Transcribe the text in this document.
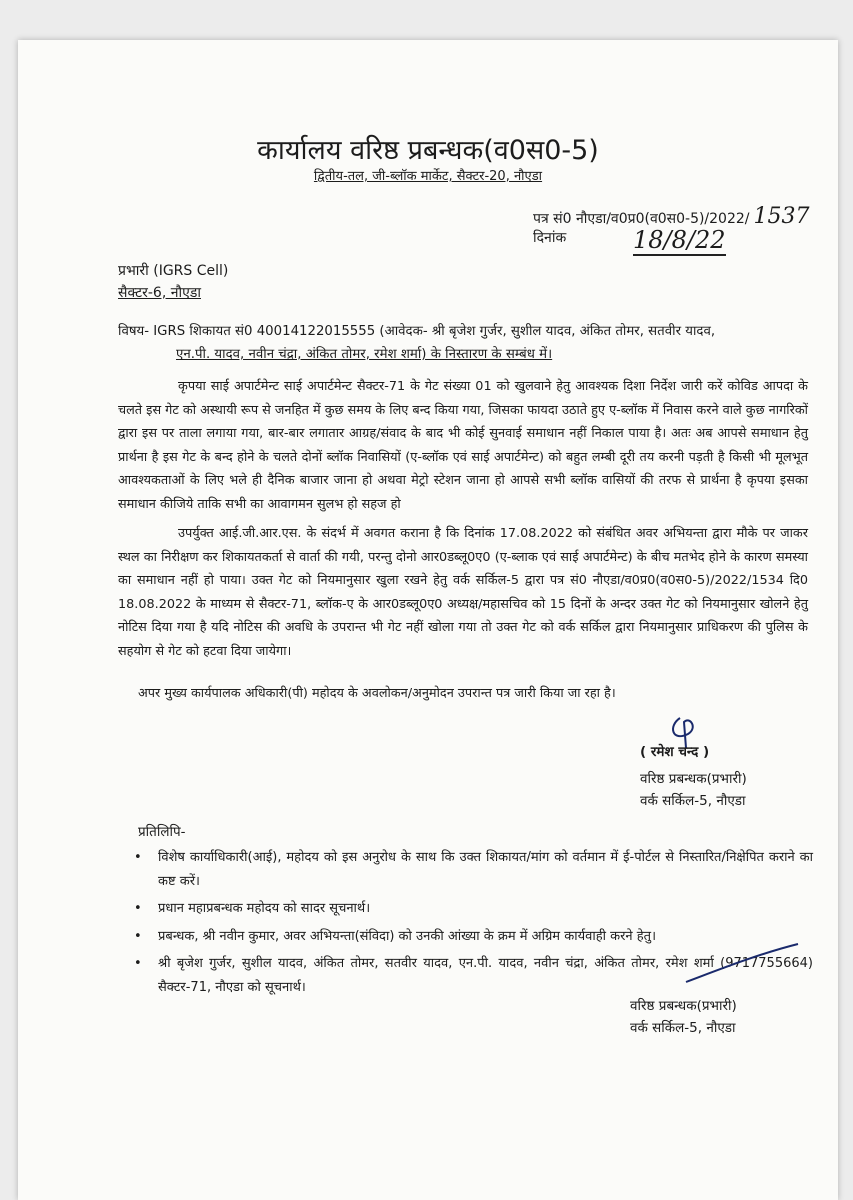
कार्यालय वरिष्ठ प्रबन्धक(व0स0-5)
द्वितीय-तल, जी-ब्लॉक मार्केट, सैक्टर-20, नौएडा
पत्र सं0 नौएडा/व0प्र0(व0स0-5)/2022/ 1537
दिनांक	18/8/22
प्रभारी (IGRS Cell)
सैक्टर-6, नौएडा
विषय- IGRS शिकायत सं0 40014122015555 (आवेदक- श्री बृजेश गुर्जर, सुशील यादव, अंकित तोमर, सतवीर यादव,
एन.पी. यादव, नवीन चंद्रा, अंकित तोमर, रमेश शर्मा) के निस्तारण के सम्बंध में।
कृपया साई अपार्टमेन्ट साई अपार्टमेन्ट सैक्टर-71 के गेट संख्या 01 को खुलवाने हेतु आवश्यक दिशा निर्देश जारी करें कोविड आपदा के चलते इस गेट को अस्थायी रूप से जनहित में कुछ समय के लिए बन्द किया गया, जिसका फायदा उठाते हुए ए-ब्लॉक में निवास करने वाले कुछ नागरिकों द्वारा इस पर ताला लगाया गया, बार-बार लगातार आग्रह/संवाद के बाद भी कोई सुनवाई समाधान नहीं निकाल पाया है। अतः अब आपसे समाधान हेतु प्रार्थना है इस गेट के बन्द होने के चलते दोनों ब्लॉक निवासियों (ए-ब्लॉक एवं साई अपार्टमेन्ट) को बहुत लम्बी दूरी तय करनी पड़ती है किसी भी मूलभूत आवश्यकताओं के लिए भले ही दैनिक बाजार जाना हो अथवा मेट्रो स्टेशन जाना हो आपसे सभी ब्लॉक वासियों की तरफ से प्रार्थना है कृपया इसका समाधान कीजिये ताकि सभी का आवागमन सुलभ हो सहज हो
उपर्युक्त आई.जी.आर.एस. के संदर्भ में अवगत कराना है कि दिनांक 17.08.2022 को संबंधित अवर अभियन्ता द्वारा मौके पर जाकर स्थल का निरीक्षण कर शिकायतकर्ता से वार्ता की गयी, परन्तु दोनो आर0डब्लू0ए0 (ए-ब्लाक एवं साई अपार्टमेन्ट) के बीच मतभेद होने के कारण समस्या का समाधान नहीं हो पाया। उक्त गेट को नियमानुसार खुला रखने हेतु वर्क सर्किल-5 द्वारा पत्र सं0 नौएडा/व0प्र0(व0स0-5)/2022/1534 दि0 18.08.2022 के माध्यम से सैक्टर-71, ब्लॉक-ए के आर0डब्लू0ए0 अध्यक्ष/महासचिव को 15 दिनों के अन्दर उक्त गेट को नियमानुसार खोलने हेतु नोटिस दिया गया है यदि नोटिस की अवधि के उपरान्त भी गेट नहीं खोला गया तो उक्त गेट को वर्क सर्किल द्वारा नियमानुसार प्राधिकरण की पुलिस के सहयोग से गेट को हटवा दिया जायेगा।
अपर मुख्य कार्यपालक अधिकारी(पी) महोदय के अवलोकन/अनुमोदन उपरान्त पत्र जारी किया जा रहा है।
( रमेश चन्द )
वरिष्ठ प्रबन्धक(प्रभारी)
वर्क सर्किल-5, नौएडा
प्रतिलिपि-
• विशेष कार्याधिकारी(आई), महोदय को इस अनुरोध के साथ कि उक्त शिकायत/मांग को वर्तमान में ई-पोर्टल से निस्तारित/निक्षेपित कराने का कष्ट करें।
• प्रधान महाप्रबन्धक महोदय को सादर सूचनार्थ।
• प्रबन्धक, श्री नवीन कुमार, अवर अभियन्ता(संविदा) को उनकी आंख्या के क्रम में अग्रिम कार्यवाही करने हेतु।
• श्री बृजेश गुर्जर, सुशील यादव, अंकित तोमर, सतवीर यादव, एन.पी. यादव, नवीन चंद्रा, अंकित तोमर, रमेश शर्मा (9717755664) सैक्टर-71, नौएडा को सूचनार्थ।
वरिष्ठ प्रबन्धक(प्रभारी)
वर्क सर्किल-5, नौएडा
